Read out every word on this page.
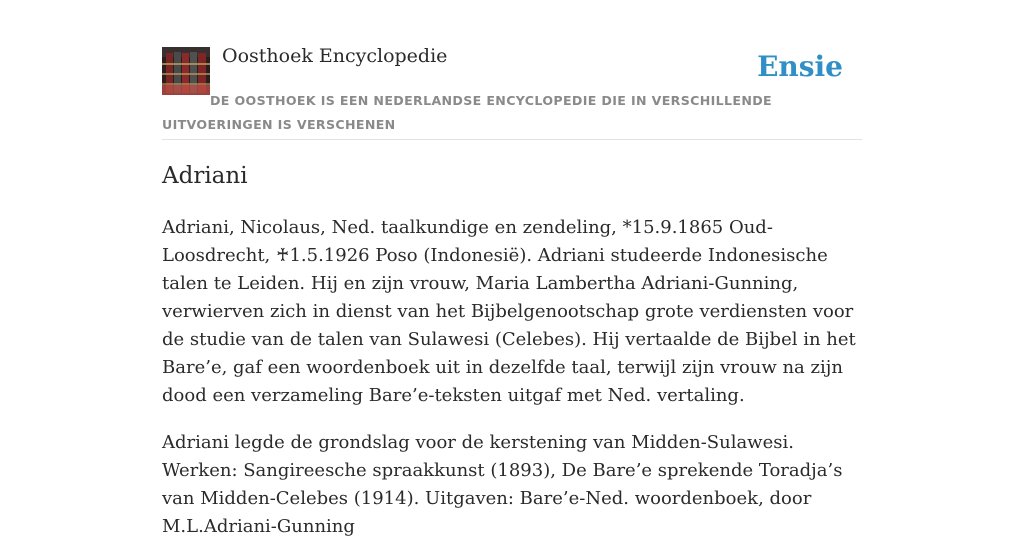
Oosthoek Encyclopedie	Ensie
DE OOSTHOEK IS EEN NEDERLANDSE ENCYCLOPEDIE DIE IN VERSCHILLENDE UITVOERINGEN IS VERSCHENEN
Adriani

Adriani, Nicolaus, Ned. taalkundige en zendeling, *15.9.1865 Oud-Loosdrecht, ♰1.5.1926 Poso (Indonesië). Adriani studeerde Indonesische talen te Leiden. Hij en zijn vrouw, Maria Lambertha Adriani-Gunning, verwierven zich in dienst van het Bijbelgenootschap grote verdiensten voor de studie van de talen van Sulawesi (Celebes). Hij vertaalde de Bijbel in het Bare’e, gaf een woordenboek uit in dezelfde taal, terwijl zijn vrouw na zijn dood een verzameling Bare’e-teksten uitgaf met Ned. vertaling.

Adriani legde de grondslag voor de kerstening van Midden-Sulawesi. Werken: Sangireesche spraakkunst (1893), De Bare’e sprekende Toradja’s van Midden-Celebes (1914). Uitgaven: Bare’e-Ned. woordenboek, door M.L.Adriani-Gunning
